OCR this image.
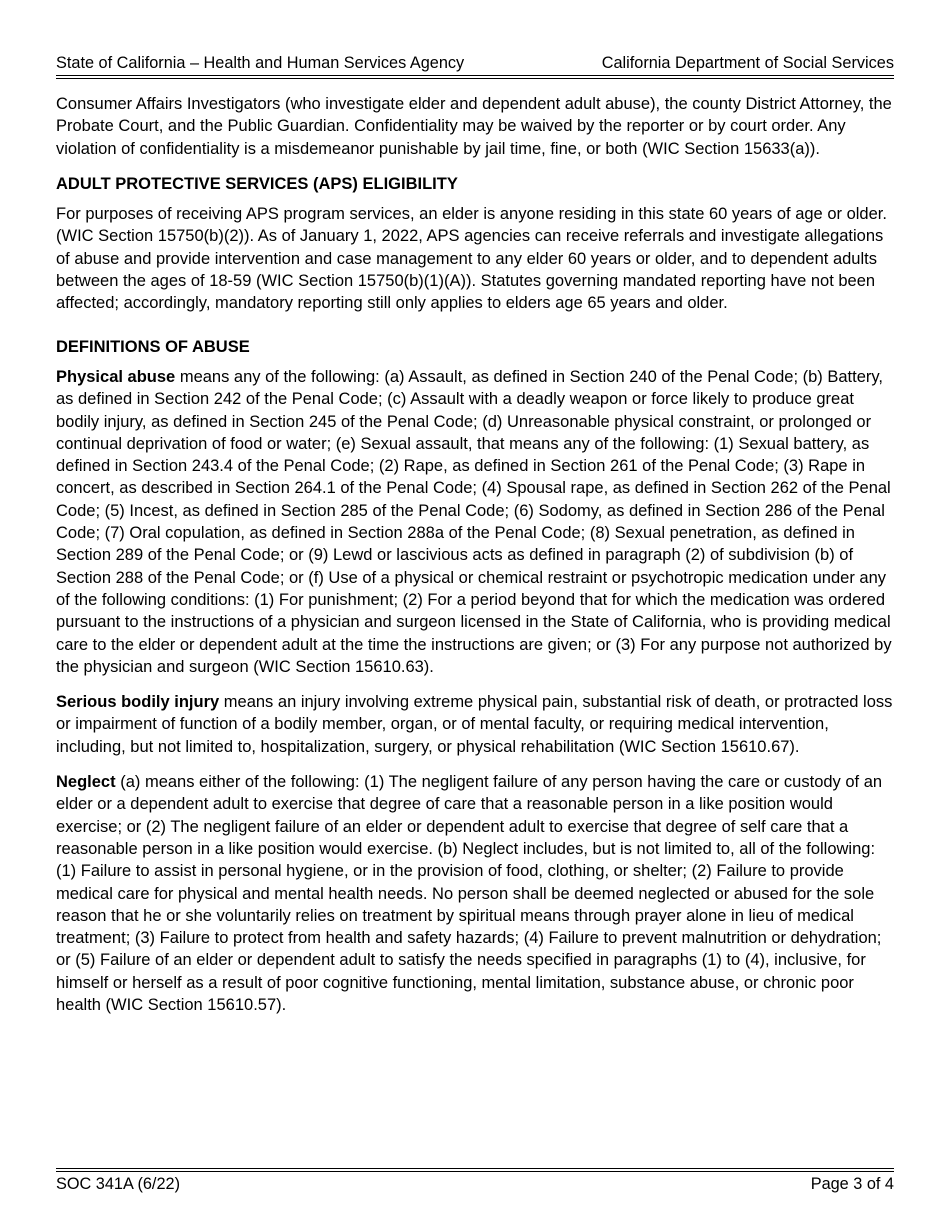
State of California – Health and Human Services Agency	California Department of Social Services

Consumer Affairs Investigators (who investigate elder and dependent adult abuse), the county District Attorney, the Probate Court, and the Public Guardian. Confidentiality may be waived by the reporter or by court order. Any violation of confidentiality is a misdemeanor punishable by jail time, fine, or both (WIC Section 15633(a)).

ADULT PROTECTIVE SERVICES (APS) ELIGIBILITY

For purposes of receiving APS program services, an elder is anyone residing in this state 60 years of age or older. (WIC Section 15750(b)(2)). As of January 1, 2022, APS agencies can receive referrals and investigate allegations of abuse and provide intervention and case management to any elder 60 years or older, and to dependent adults between the ages of 18-59 (WIC Section 15750(b)(1)(A)). Statutes governing mandated reporting have not been affected; accordingly, mandatory reporting still only applies to elders age 65 years and older.

DEFINITIONS OF ABUSE

Physical abuse means any of the following: (a) Assault, as defined in Section 240 of the Penal Code; (b) Battery, as defined in Section 242 of the Penal Code; (c) Assault with a deadly weapon or force likely to produce great bodily injury, as defined in Section 245 of the Penal Code; (d) Unreasonable physical constraint, or prolonged or continual deprivation of food or water; (e) Sexual assault, that means any of the following: (1) Sexual battery, as defined in Section 243.4 of the Penal Code; (2) Rape, as defined in Section 261 of the Penal Code; (3) Rape in concert, as described in Section 264.1 of the Penal Code; (4) Spousal rape, as defined in Section 262 of the Penal Code; (5) Incest, as defined in Section 285 of the Penal Code; (6) Sodomy, as defined in Section 286 of the Penal Code; (7) Oral copulation, as defined in Section 288a of the Penal Code; (8) Sexual penetration, as defined in Section 289 of the Penal Code; or (9) Lewd or lascivious acts as defined in paragraph (2) of subdivision (b) of Section 288 of the Penal Code; or (f) Use of a physical or chemical restraint or psychotropic medication under any of the following conditions: (1) For punishment; (2) For a period beyond that for which the medication was ordered pursuant to the instructions of a physician and surgeon licensed in the State of California, who is providing medical care to the elder or dependent adult at the time the instructions are given; or (3) For any purpose not authorized by the physician and surgeon (WIC Section 15610.63).

Serious bodily injury means an injury involving extreme physical pain, substantial risk of death, or protracted loss or impairment of function of a bodily member, organ, or of mental faculty, or requiring medical intervention, including, but not limited to, hospitalization, surgery, or physical rehabilitation (WIC Section 15610.67).

Neglect (a) means either of the following: (1) The negligent failure of any person having the care or custody of an elder or a dependent adult to exercise that degree of care that a reasonable person in a like position would exercise; or (2) The negligent failure of an elder or dependent adult to exercise that degree of self care that a reasonable person in a like position would exercise. (b) Neglect includes, but is not limited to, all of the following: (1) Failure to assist in personal hygiene, or in the provision of food, clothing, or shelter; (2) Failure to provide medical care for physical and mental health needs. No person shall be deemed neglected or abused for the sole reason that he or she voluntarily relies on treatment by spiritual means through prayer alone in lieu of medical treatment; (3) Failure to protect from health and safety hazards; (4) Failure to prevent malnutrition or dehydration; or (5) Failure of an elder or dependent adult to satisfy the needs specified in paragraphs (1) to (4), inclusive, for himself or herself as a result of poor cognitive functioning, mental limitation, substance abuse, or chronic poor health (WIC Section 15610.57).

SOC 341A (6/22)	Page 3 of 4
